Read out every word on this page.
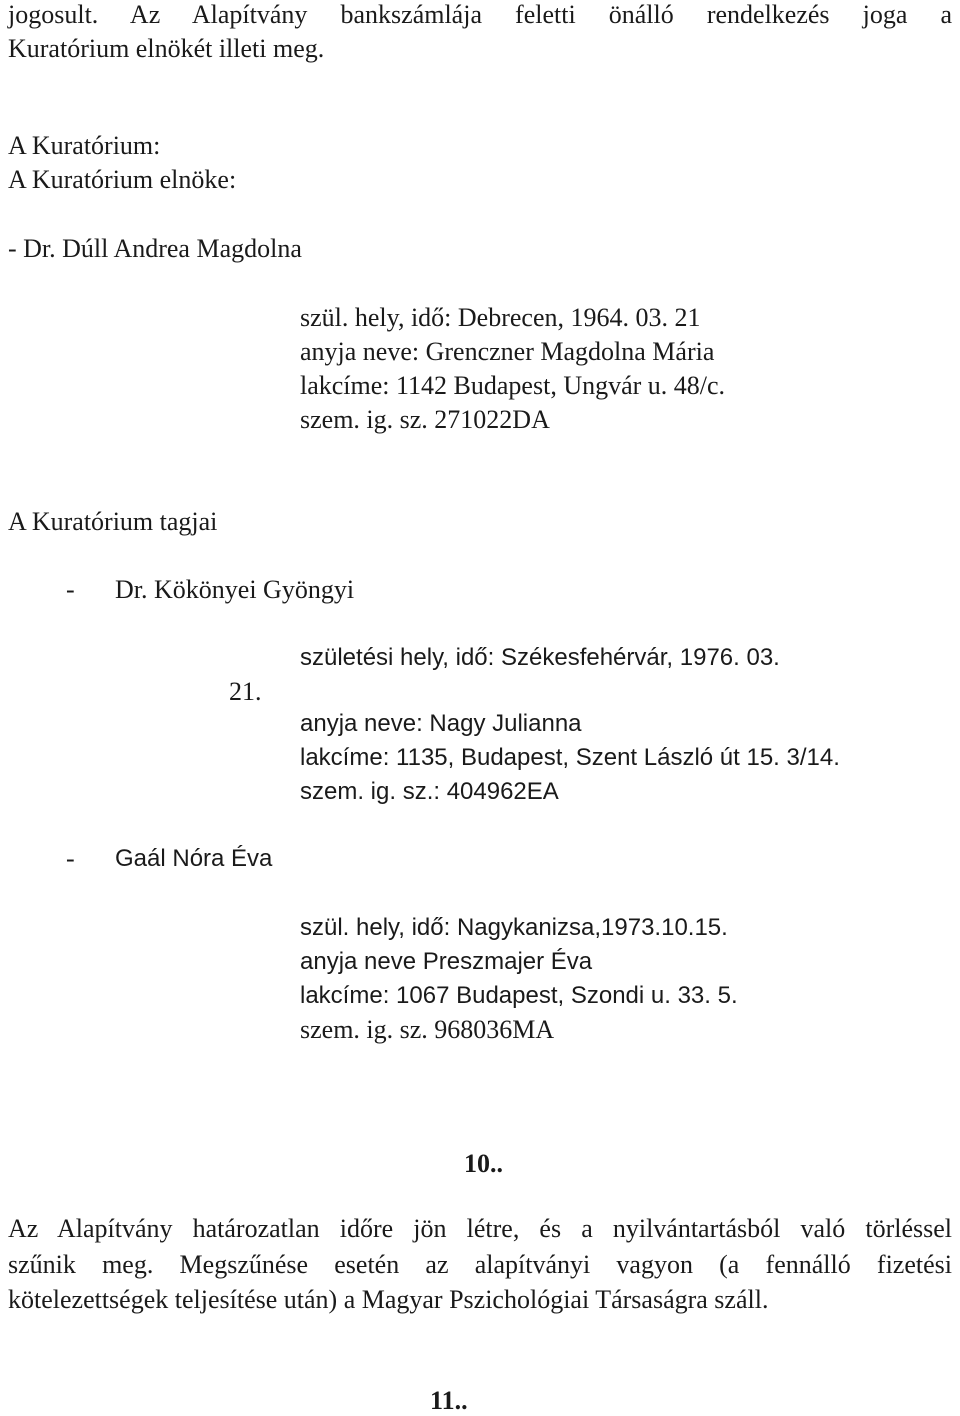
jogosult. Az Alapítvány bankszámlája feletti önálló rendelkezés joga a
Kuratórium elnökét illeti meg.
A Kuratórium:
A Kuratórium elnöke:
- Dr. Dúll Andrea Magdolna
szül. hely, idő: Debrecen, 1964. 03. 21
anyja neve: Grenczner Magdolna Mária
lakcíme: 1142 Budapest, Ungvár u. 48/c.
szem. ig. sz. 271022DA
A Kuratórium tagjai
- Dr. Kökönyei Gyöngyi
születési hely, idő: Székesfehérvár, 1976. 03.
21.
anyja neve: Nagy Julianna
lakcíme: 1135, Budapest, Szent László út 15. 3/14.
szem. ig. sz.: 404962EA
- Gaál Nóra Éva
szül. hely, idő: Nagykanizsa,1973.10.15.
anyja neve Preszmajer Éva
lakcíme: 1067 Budapest, Szondi u. 33. 5.
szem. ig. sz. 968036MA
10..
Az Alapítvány határozatlan időre jön létre, és a nyilvántartásból való törléssel
szűnik meg. Megszűnése esetén az alapítványi vagyon (a fennálló fizetési
kötelezettségek teljesítése után) a Magyar Pszichológiai Társaságra száll.
11..
